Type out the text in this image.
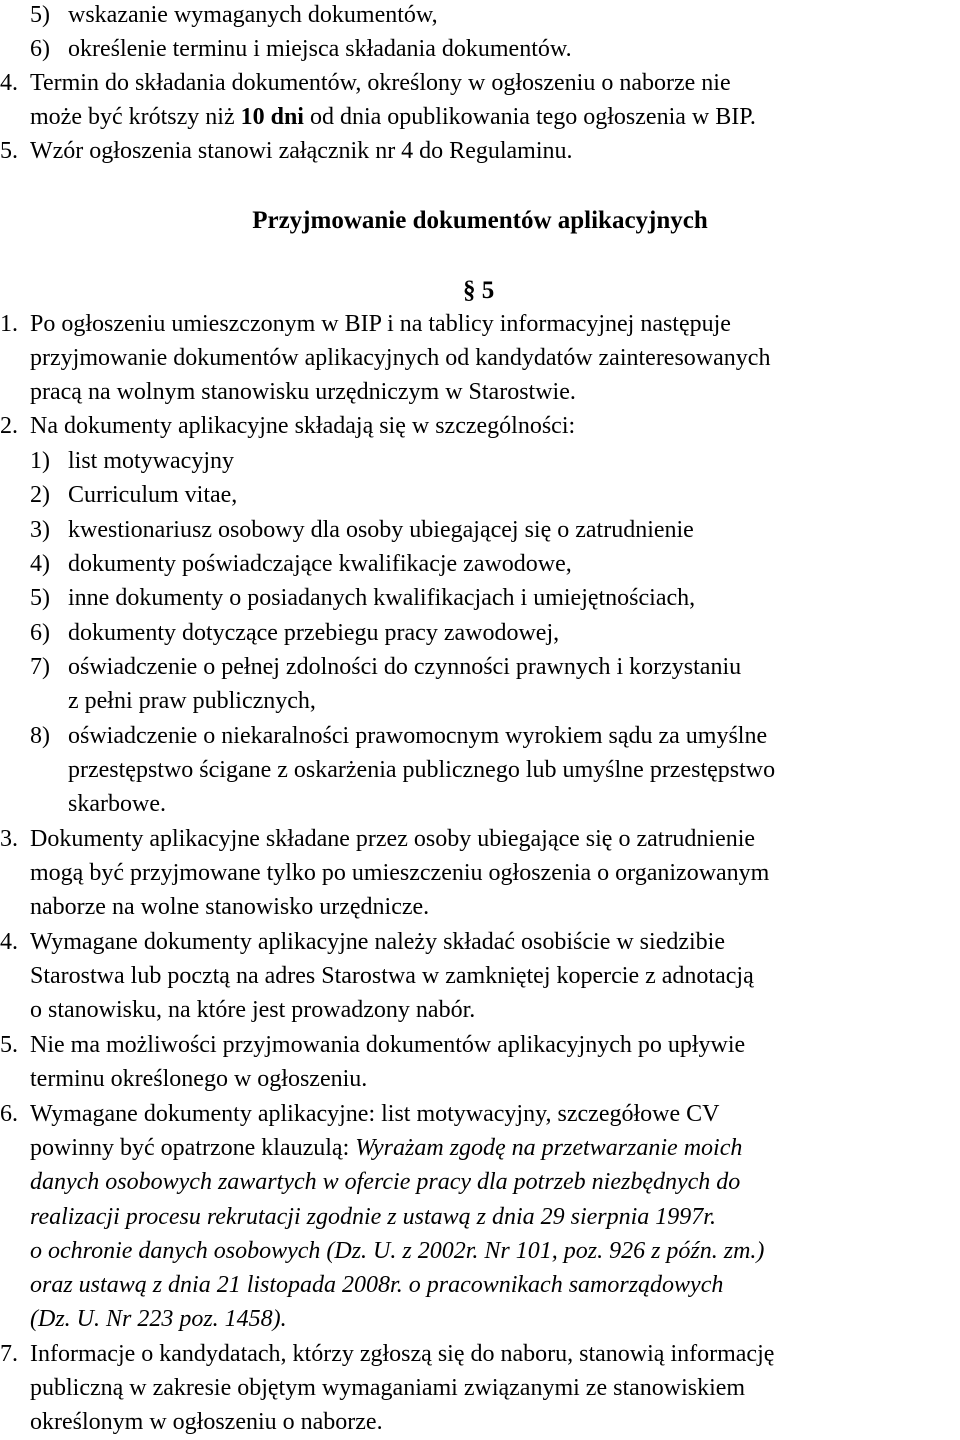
5) wskazanie wymaganych dokumentów,
6) określenie terminu i miejsca składania dokumentów.
4. Termin do składania dokumentów, określony w ogłoszeniu o naborze nie
może być krótszy niż 10 dni od dnia opublikowania tego ogłoszenia w BIP.
5. Wzór ogłoszenia stanowi załącznik nr 4 do Regulaminu.
Przyjmowanie dokumentów aplikacyjnych
§ 5
1. Po ogłoszeniu umieszczonym w BIP i na tablicy informacyjnej następuje
przyjmowanie dokumentów aplikacyjnych od kandydatów zainteresowanych
pracą na wolnym stanowisku urzędniczym w Starostwie.
2. Na dokumenty aplikacyjne składają się w szczególności:
1) list motywacyjny
2) Curriculum vitae,
3) kwestionariusz osobowy dla osoby ubiegającej się o zatrudnienie
4) dokumenty poświadczające kwalifikacje zawodowe,
5) inne dokumenty o posiadanych kwalifikacjach i umiejętnościach,
6) dokumenty dotyczące przebiegu pracy zawodowej,
7) oświadczenie o pełnej zdolności do czynności prawnych i korzystaniu
z pełni praw publicznych,
8) oświadczenie o niekaralności prawomocnym wyrokiem sądu za umyślne
przestępstwo ścigane z oskarżenia publicznego lub umyślne przestępstwo
skarbowe.
3. Dokumenty aplikacyjne składane przez osoby ubiegające się o zatrudnienie
mogą być przyjmowane tylko po umieszczeniu ogłoszenia o organizowanym
naborze na wolne stanowisko urzędnicze.
4. Wymagane dokumenty aplikacyjne należy składać osobiście w siedzibie
Starostwa lub pocztą na adres Starostwa w zamkniętej kopercie z adnotacją
o stanowisku, na które jest prowadzony nabór.
5. Nie ma możliwości przyjmowania dokumentów aplikacyjnych po upływie
terminu określonego w ogłoszeniu.
6. Wymagane dokumenty aplikacyjne: list motywacyjny, szczegółowe CV
powinny być opatrzone klauzulą: Wyrażam zgodę na przetwarzanie moich
danych osobowych zawartych w ofercie pracy dla potrzeb niezbędnych do
realizacji procesu rekrutacji zgodnie z ustawą z dnia 29 sierpnia 1997r.
o ochronie danych osobowych (Dz. U. z 2002r. Nr 101, poz. 926 z późn. zm.)
oraz ustawą z dnia 21 listopada 2008r. o pracownikach samorządowych
(Dz. U. Nr 223 poz. 1458).
7. Informacje o kandydatach, którzy zgłoszą się do naboru, stanowią informację
publiczną w zakresie objętym wymaganiami związanymi ze stanowiskiem
określonym w ogłoszeniu o naborze.
